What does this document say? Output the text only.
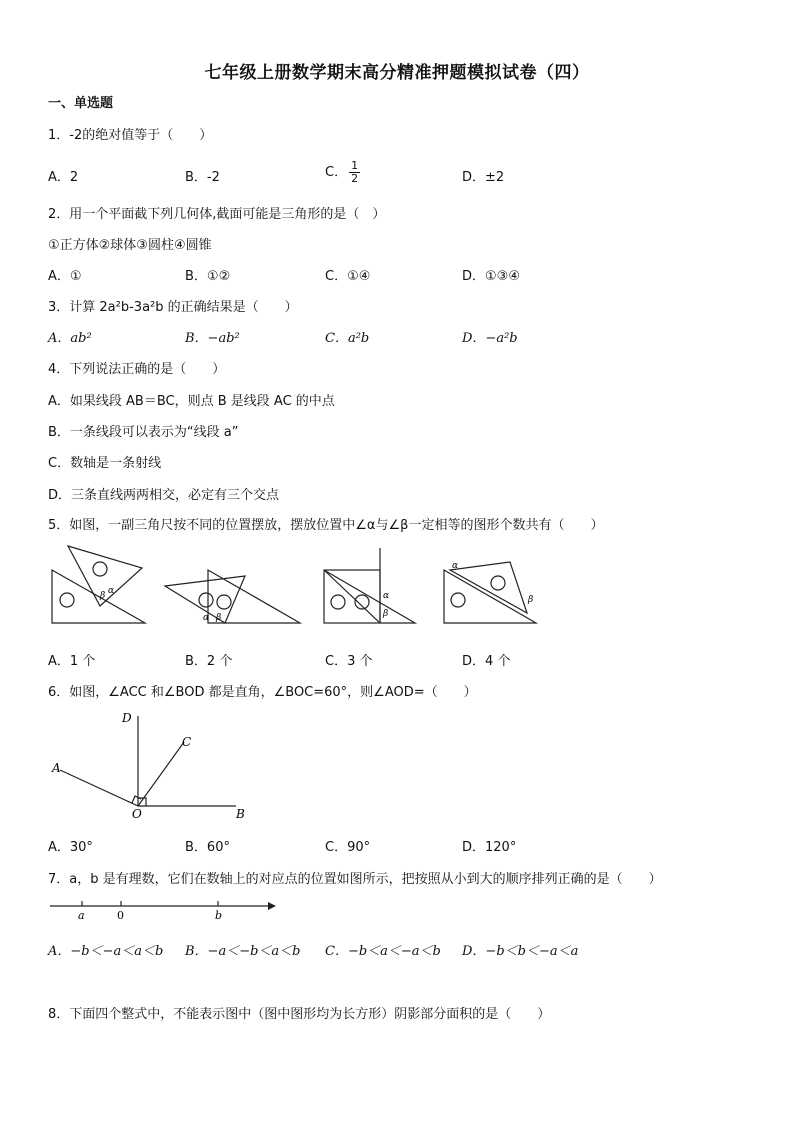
七年级上册数学期末高分精准押题模拟试卷（四）
一、单选题
1．-2的绝对值等于（　　）
A．2	B．-2	C． $\frac{1}{2}$	D．±2
2．用一个平面截下列几何体,截面可能是三角形的是（　）
①正方体②球体③圆柱④圆锥
A．①	B．①②	C．①④	D．①③④
3．计算 2a²b-3a²b 的正确结果是（　　）
A．ab²	B．−ab²	C．a²b	D．−a²b
4．下列说法正确的是（　　）
A．如果线段 AB＝BC，则点 B 是线段 AC 的中点
B．一条线段可以表示为“线段 a”
C．数轴是一条射线
D．三条直线两两相交，必定有三个交点
5．如图，一副三角尺按不同的位置摆放，摆放位置中∠α与∠β一定相等的图形个数共有（　　）
α
β
α β
α
β
α
β
A．1 个	B．2 个	C．3 个	D．4 个
6．如图，∠ACC 和∠BOD 都是直角，∠BOC=60°，则∠AOD=（　　）
D
C
A
B
O
A．30°	B．60°	C．90°	D．120°
7．a，b 是有理数，它们在数轴上的对应点的位置如图所示，把按照从小到大的顺序排列正确的是（　　）
a	0	b
A．−b＜−a＜a＜b B．−a＜−b＜a＜b C．−b＜a＜−a＜b D．−b＜b＜−a＜a
8．下面四个整式中，不能表示图中（图中图形均为长方形）阴影部分面积的是（　　）
